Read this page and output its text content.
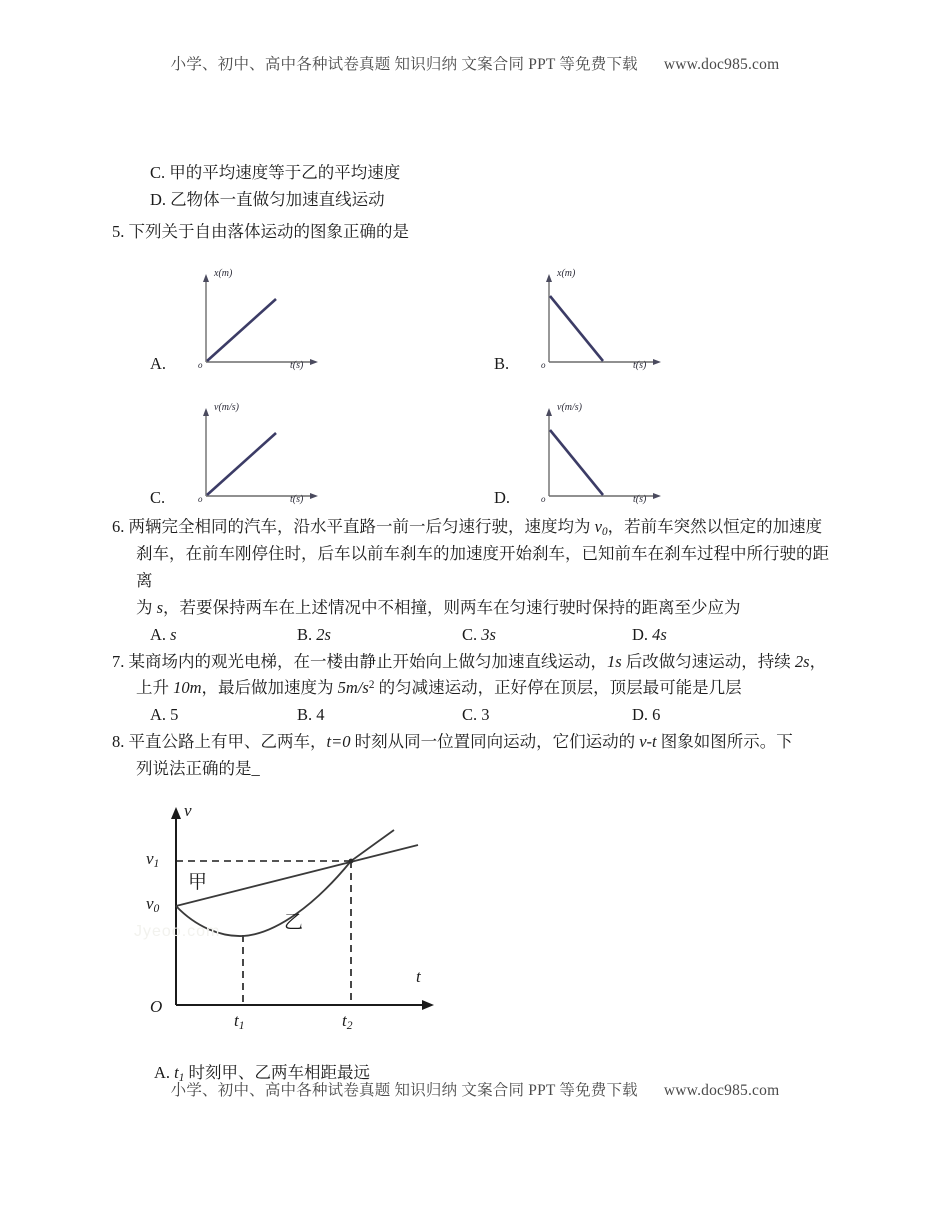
小学、初中、高中各种试卷真题 知识归纳 文案合同 PPT 等免费下载 www.doc985.com
C. 甲的平均速度等于乙的平均速度
D. 乙物体一直做匀加速直线运动
5. 下列关于自由落体运动的图象正确的是
x(m)
o	t(s)
A.
x(m)
o	t(s)
B.
v(m/s)
o	t(s)
C.
v(m/s)
o	t(s)
D.
6. 两辆完全相同的汽车，沿水平直路一前一后匀速行驶，速度均为 $v_0$，若前车突然以恒定的加速度
刹车，在前车刚停住时，后车以前车刹车的加速度开始刹车，已知前车在刹车过程中所行驶的距离
为 s，若要保持两车在上述情况中不相撞，则两车在匀速行驶时保持的距离至少应为
A. s	B. 2s	C. 3s	D. 4s
7. 某商场内的观光电梯，在一楼由静止开始向上做匀加速直线运动，1s 后改做匀速运动，持续 2s，
上升 10m，最后做加速度为 $5m/s^2$ 的匀减速运动，正好停在顶层，顶层最可能是几层
A. 5	B. 4	C. 3	D. 6
8. 平直公路上有甲、乙两车，t=0 时刻从同一位置同向运动，它们运动的 v-t 图象如图所示。下
列说法正确的是_
Jyeoo.com
v
t
O
$v_1$
$v_0$
$t_1$	$t_2$
甲
乙
A. $t_1$ 时刻甲、乙两车相距最远
小学、初中、高中各种试卷真题 知识归纳 文案合同 PPT 等免费下载 www.doc985.com
